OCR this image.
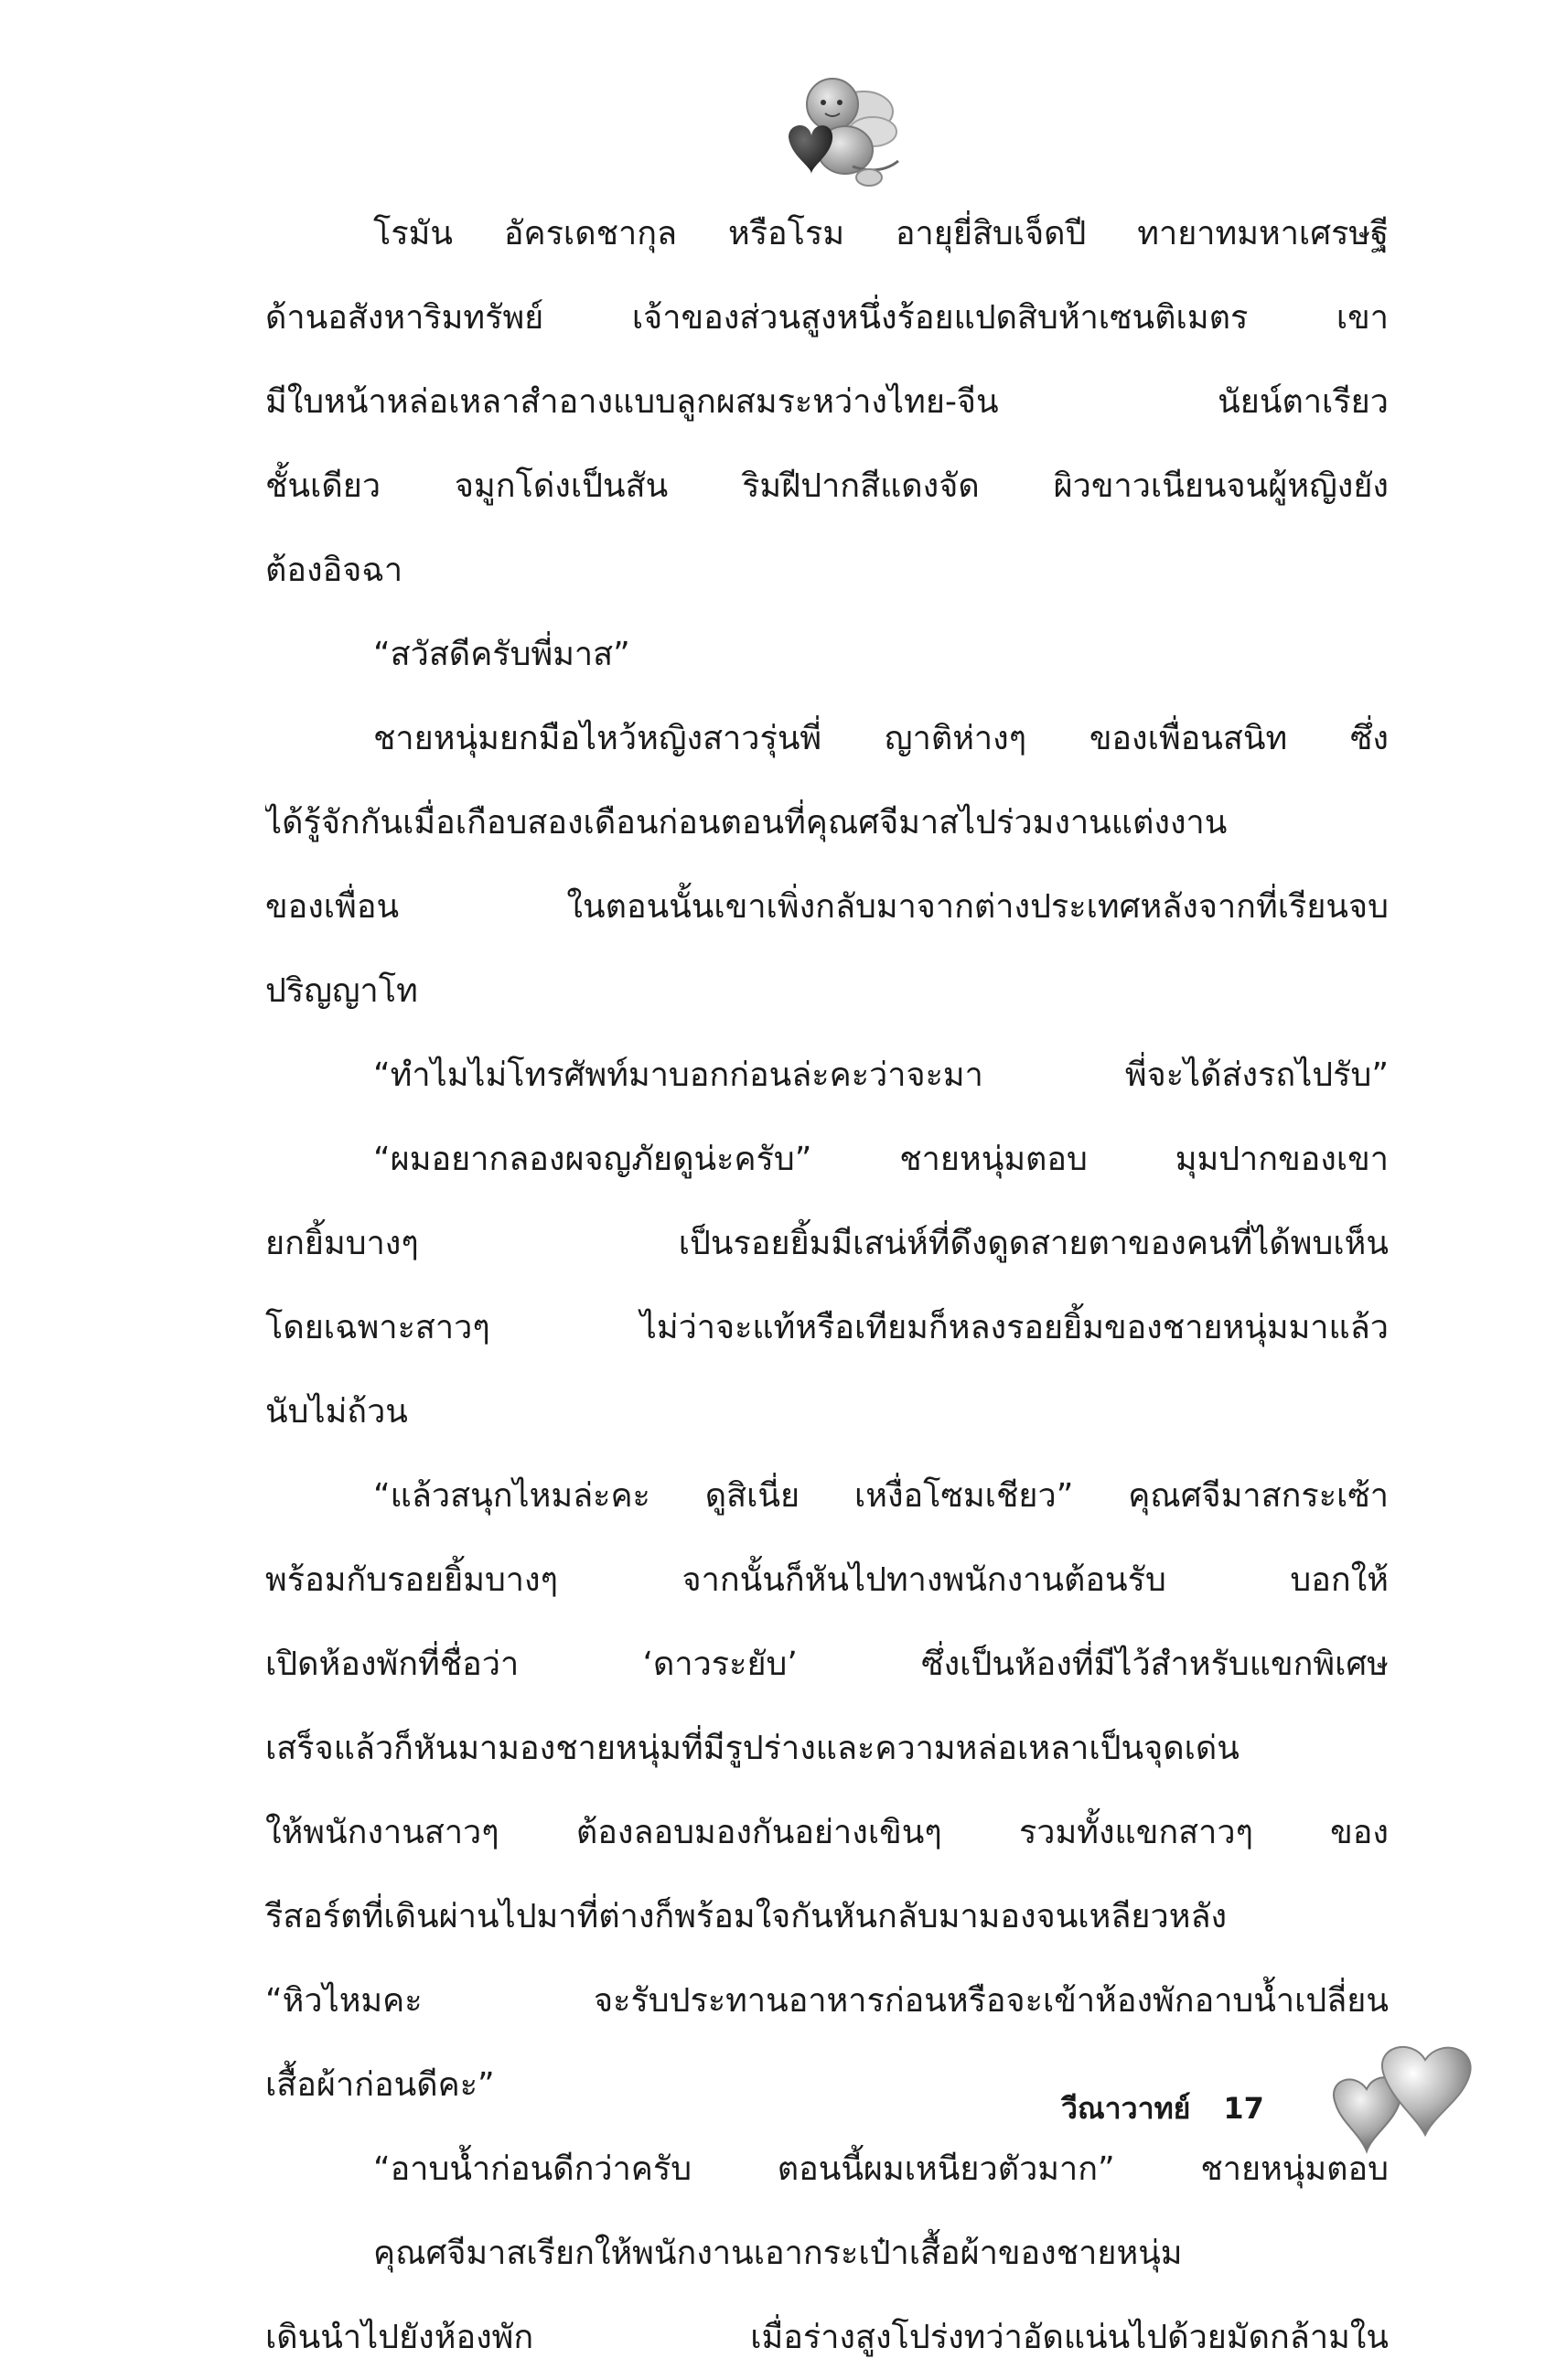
โรมัน อัครเดชากุล หรือโรม อายุยี่สิบเจ็ดปี ทายาทมหาเศรษฐี
ด้านอสังหาริมทรัพย์ เจ้าของส่วนสูงหนึ่งร้อยแปดสิบห้าเซนติเมตร เขา
มีใบหน้าหล่อเหลาสำอางแบบลูกผสมระหว่างไทย-จีน นัยน์ตาเรียว
ชั้นเดียว จมูกโด่งเป็นสัน ริมฝีปากสีแดงจัด ผิวขาวเนียนจนผู้หญิงยัง
ต้องอิจฉา
“สวัสดีครับพี่มาส”
ชายหนุ่มยกมือไหว้หญิงสาวรุ่นพี่ ญาติห่างๆ ของเพื่อนสนิท ซึ่ง
ได้รู้จักกันเมื่อเกือบสองเดือนก่อนตอนที่คุณศจีมาสไปร่วมงานแต่งงาน
ของเพื่อน ในตอนนั้นเขาเพิ่งกลับมาจากต่างประเทศหลังจากที่เรียนจบ
ปริญญาโท
“ทำไมไม่โทรศัพท์มาบอกก่อนล่ะคะว่าจะมา พี่จะได้ส่งรถไปรับ”
“ผมอยากลองผจญภัยดูน่ะครับ” ชายหนุ่มตอบ มุมปากของเขา
ยกยิ้มบางๆ เป็นรอยยิ้มมีเสน่ห์ที่ดึงดูดสายตาของคนที่ได้พบเห็น
โดยเฉพาะสาวๆ ไม่ว่าจะแท้หรือเทียมก็หลงรอยยิ้มของชายหนุ่มมาแล้ว
นับไม่ถ้วน
“แล้วสนุกไหมล่ะคะ ดูสิเนี่ย เหงื่อโซมเชียว” คุณศจีมาสกระเซ้า
พร้อมกับรอยยิ้มบางๆ จากนั้นก็หันไปทางพนักงานต้อนรับ บอกให้
เปิดห้องพักที่ชื่อว่า ‘ดาวระยับ’ ซึ่งเป็นห้องที่มีไว้สำหรับแขกพิเศษ
เสร็จแล้วก็หันมามองชายหนุ่มที่มีรูปร่างและความหล่อเหลาเป็นจุดเด่น
ให้พนักงานสาวๆ ต้องลอบมองกันอย่างเขินๆ รวมทั้งแขกสาวๆ ของ
รีสอร์ตที่เดินผ่านไปมาที่ต่างก็พร้อมใจกันหันกลับมามองจนเหลียวหลัง
“หิวไหมคะ จะรับประทานอาหารก่อนหรือจะเข้าห้องพักอาบน้ำเปลี่ยน
เสื้อผ้าก่อนดีคะ”
“อาบน้ำก่อนดีกว่าครับ ตอนนี้ผมเหนียวตัวมาก” ชายหนุ่มตอบ
คุณศจีมาสเรียกให้พนักงานเอากระเป๋าเสื้อผ้าของชายหนุ่ม
เดินนำไปยังห้องพัก เมื่อร่างสูงโปร่งทว่าอัดแน่นไปด้วยมัดกล้ามใน
วีณาวาทย์ 17
